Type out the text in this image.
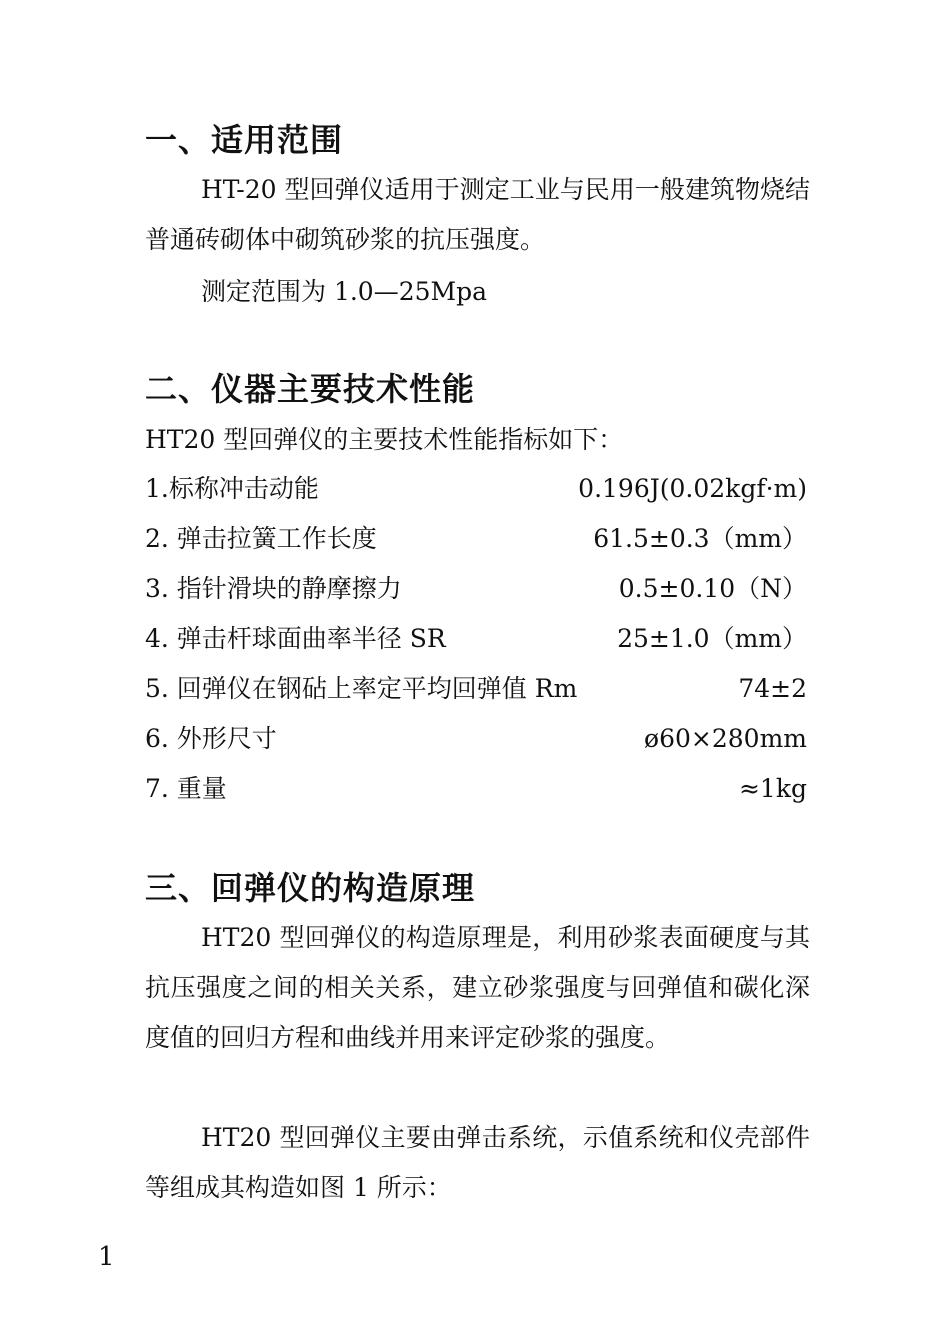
一、适用范围

HT-20 型回弹仪适用于测定工业与民用一般建筑物烧结普通砖砌体中砌筑砂浆的抗压强度。

测定范围为 1.0—25Mpa
二、仪器主要技术性能
HT20 型回弹仪的主要技术性能指标如下：
1.标称冲击动能	0.196J(0.02kgf·m)
2. 弹击拉簧工作长度	61.5±0.3（mm）
3. 指针滑块的静摩擦力	0.5±0.10（N）
4. 弹击杆球面曲率半径 SR	25±1.0（mm）
5. 回弹仪在钢砧上率定平均回弹值 Rm	74±2
6. 外形尺寸	ø60×280mm
7. 重量	≈1kg
三、回弹仪的构造原理

HT20 型回弹仪的构造原理是，利用砂浆表面硬度与其抗压强度之间的相关关系，建立砂浆强度与回弹值和碳化深度值的回归方程和曲线并用来评定砂浆的强度。

HT20 型回弹仪主要由弹击系统，示值系统和仪壳部件等组成其构造如图 1 所示：

1
